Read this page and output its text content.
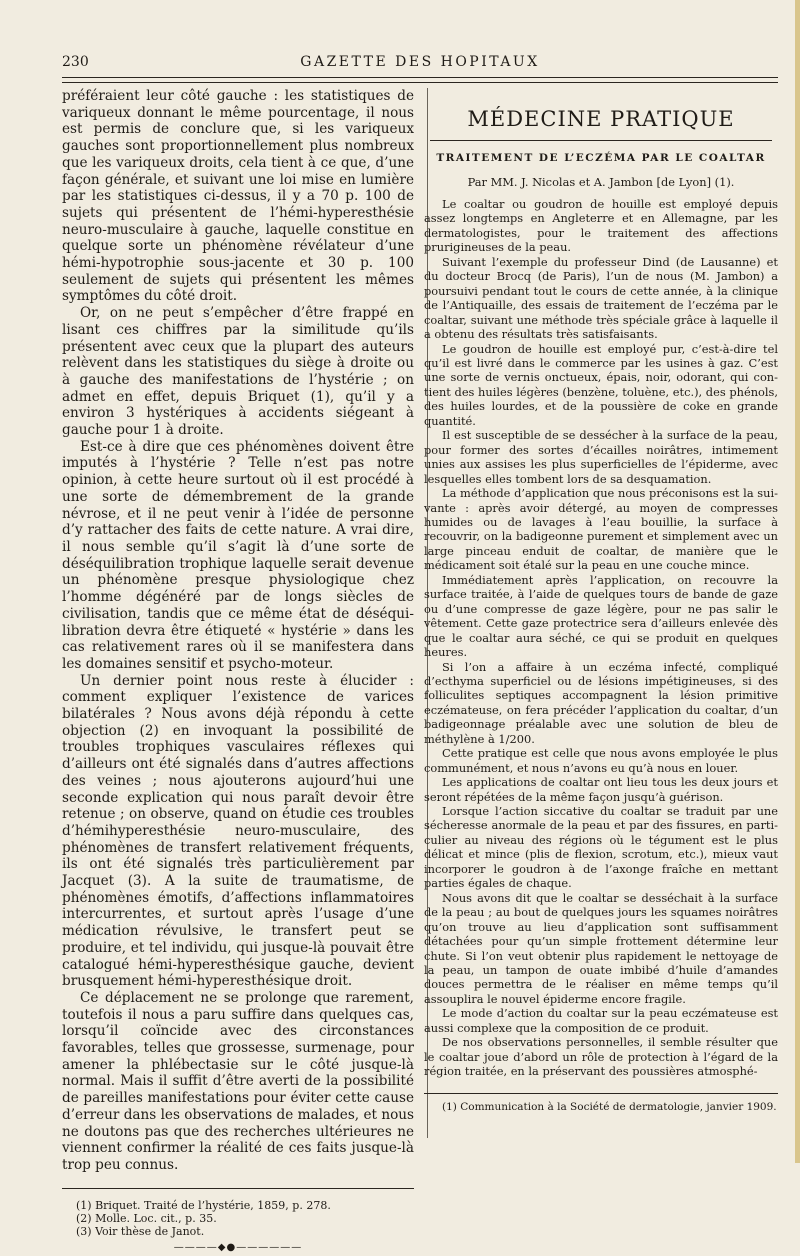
230	GAZETTE DES HOPITAUX

préféraient leur côté gauche : les statistiques de variqueux donnant le même pourcentage, il nous est permis de conclure que, si les variqueux gauches sont proportionnellement plus nombreux que les variqueux droits, cela tient à ce que, d’une façon générale, et suivant une loi mise en lumière par les statistiques ci-dessus, il y a 70 p. 100 de sujets qui présentent de l’hémi-hyperesthésie neuro-musculaire à gauche, laquelle constitue en quelque sorte un phénomène révélateur d’une hémi-hypotrophie sous-jacente et 30 p. 100 seulement de sujets qui présentent les mêmes symptômes du côté droit.

Or, on ne peut s’empêcher d’être frappé en lisant ces chiffres par la similitude qu’ils présentent avec ceux que la plupart des auteurs relèvent dans les statistiques du siège à droite ou à gauche des manifestations de l’hystérie ; on admet en effet, depuis Briquet (1), qu’il y a environ 3 hystériques à accidents siégeant à gauche pour 1 à droite.

Est-ce à dire que ces phénomènes doivent être imputés à l’hystérie ? Telle n’est pas notre opinion, à cette heure surtout où il est procédé à une sorte de démembrement de la grande névrose, et il ne peut venir à l’idée de personne d’y rattacher des faits de cette nature. A vrai dire, il nous semble qu’il s’agit là d’une sorte de déséquilibration trophique laquelle serait devenue un phénomène presque physiologique chez l’homme dégénéré par de longs siècles de civilisation, tandis que ce même état de déséquilibration devra être étiqueté « hystérie » dans les cas relativement rares où il se manifestera dans les domaines sensitif et psycho-moteur.

Un dernier point nous reste à élucider : comment expliquer l’existence de varices bilatérales ? Nous avons déjà répondu à cette objection (2) en invoquant la possibilité de troubles trophiques vasculaires réflexes qui d’ailleurs ont été signalés dans d’autres affections des veines ; nous ajouterons aujourd’hui une seconde explication qui nous paraît devoir être retenue ; on observe, quand on étudie ces troubles d’hémihyperesthésie neuro-musculaire, des phénomènes de transfert relativement fréquents, ils ont été signalés très particulièrement par Jacquet (3). A la suite de traumatisme, de phénomènes émotifs, d’affections inflammatoires intercurrentes, et surtout après l’usage d’une médication révulsive, le transfert peut se produire, et tel individu, qui jusque-là pouvait être catalogué hémi-hyperesthésique gauche, devient brusquement hémi-hyperesthésique droit.

Ce déplacement ne se prolonge que rarement, toutefois il nous a paru suffire dans quelques cas, lorsqu’il coïncide avec des circonstances favorables, telles que grossesse, surmenage, pour amener la phlébectasie sur le côté jusque-là normal. Mais il suffit d’être averti de la possibilité de pareilles manifestations pour éviter cette cause d’erreur dans les observations de malades, et nous ne doutons pas que des recherches ultérieures ne viennent confirmer la réalité de ces faits jusque-là trop peu connus.

(1) Briquet. Traité de l’hystérie, 1859, p. 278.

(2) Molle. Loc. cit., p. 35.

(3) Voir thèse de Janot.

————◆●——————
MÉDECINE PRATIQUE
TRAITEMENT DE L’ECZÉMA PAR LE COALTAR
Par MM. J. Nicolas et A. Jambon [de Lyon] (1).

Le coaltar ou goudron de houille est employé depuis assez longtemps en Angleterre et en Allemagne, par les dermatologistes, pour le traitement des affections prurigineuses de la peau.

Suivant l’exemple du professeur Dind (de Lausanne) et du docteur Brocq (de Paris), l’un de nous (M. Jambon) a poursuivi pendant tout le cours de cette année, à la clinique de l’Antiquaille, des essais de traitement de l’eczéma par le coaltar, suivant une méthode très spéciale grâce à laquelle il a obtenu des résultats très satisfaisants.

Le goudron de houille est employé pur, c’est-à-dire tel qu’il est livré dans le commerce par les usines à gaz. C’est une sorte de vernis onctueux, épais, noir, odorant, qui contient des huiles légères (benzène, toluène, etc.), des phénols, des huiles lourdes, et de la poussière de coke en grande quantité.

Il est susceptible de se dessécher à la surface de la peau, pour former des sortes d’écailles noirâtres, intimement unies aux assises les plus superficielles de l’épiderme, avec lesquelles elles tombent lors de sa desquamation.

La méthode d’application que nous préconisons est la suivante : après avoir détergé, au moyen de compresses humides ou de lavages à l’eau bouillie, la surface à recouvrir, on la badigeonne purement et simplement avec un large pinceau enduit de coaltar, de manière que le médicament soit étalé sur la peau en une couche mince.

Immédiatement après l’application, on recouvre la surface traitée, à l’aide de quelques tours de bande de gaze ou d’une compresse de gaze légère, pour ne pas salir le vêtement. Cette gaze protectrice sera d’ailleurs enlevée dès que le coaltar aura séché, ce qui se produit en quelques heures.

Si l’on a affaire à un eczéma infecté, compliqué d’ecthyma superficiel ou de lésions impétigineuses, si des folliculites septiques accompagnent la lésion primitive eczémateuse, on fera précéder l’application du coaltar, d’un badigeonnage préalable avec une solution de bleu de méthylène à 1/200.

Cette pratique est celle que nous avons employée le plus communément, et nous n’avons eu qu’à nous en louer.

Les applications de coaltar ont lieu tous les deux jours et seront répétées de la même façon jusqu’à guérison.

Lorsque l’action siccative du coaltar se traduit par une sécheresse anormale de la peau et par des fissures, en particulier au niveau des régions où le tégument est le plus délicat et mince (plis de flexion, scrotum, etc.), mieux vaut incorporer le goudron à de l’axonge fraîche en mettant parties égales de chaque.

Nous avons dit que le coaltar se desséchait à la surface de la peau ; au bout de quelques jours les squames noirâtres qu’on trouve au lieu d’application sont suffisamment détachées pour qu’un simple frottement détermine leur chute. Si l’on veut obtenir plus rapidement le nettoyage de la peau, un tampon de ouate imbibé d’huile d’amandes douces permettra de le réaliser en même temps qu’il assouplira le nouvel épiderme encore fragile.

Le mode d’action du coaltar sur la peau eczémateuse est aussi complexe que la composition de ce produit.

De nos observations personnelles, il semble résulter que le coaltar joue d’abord un rôle de protection à l’égard de la région traitée, en la préservant des poussières atmosphé-

(1) Communication à la Société de dermatologie, janvier 1909.
